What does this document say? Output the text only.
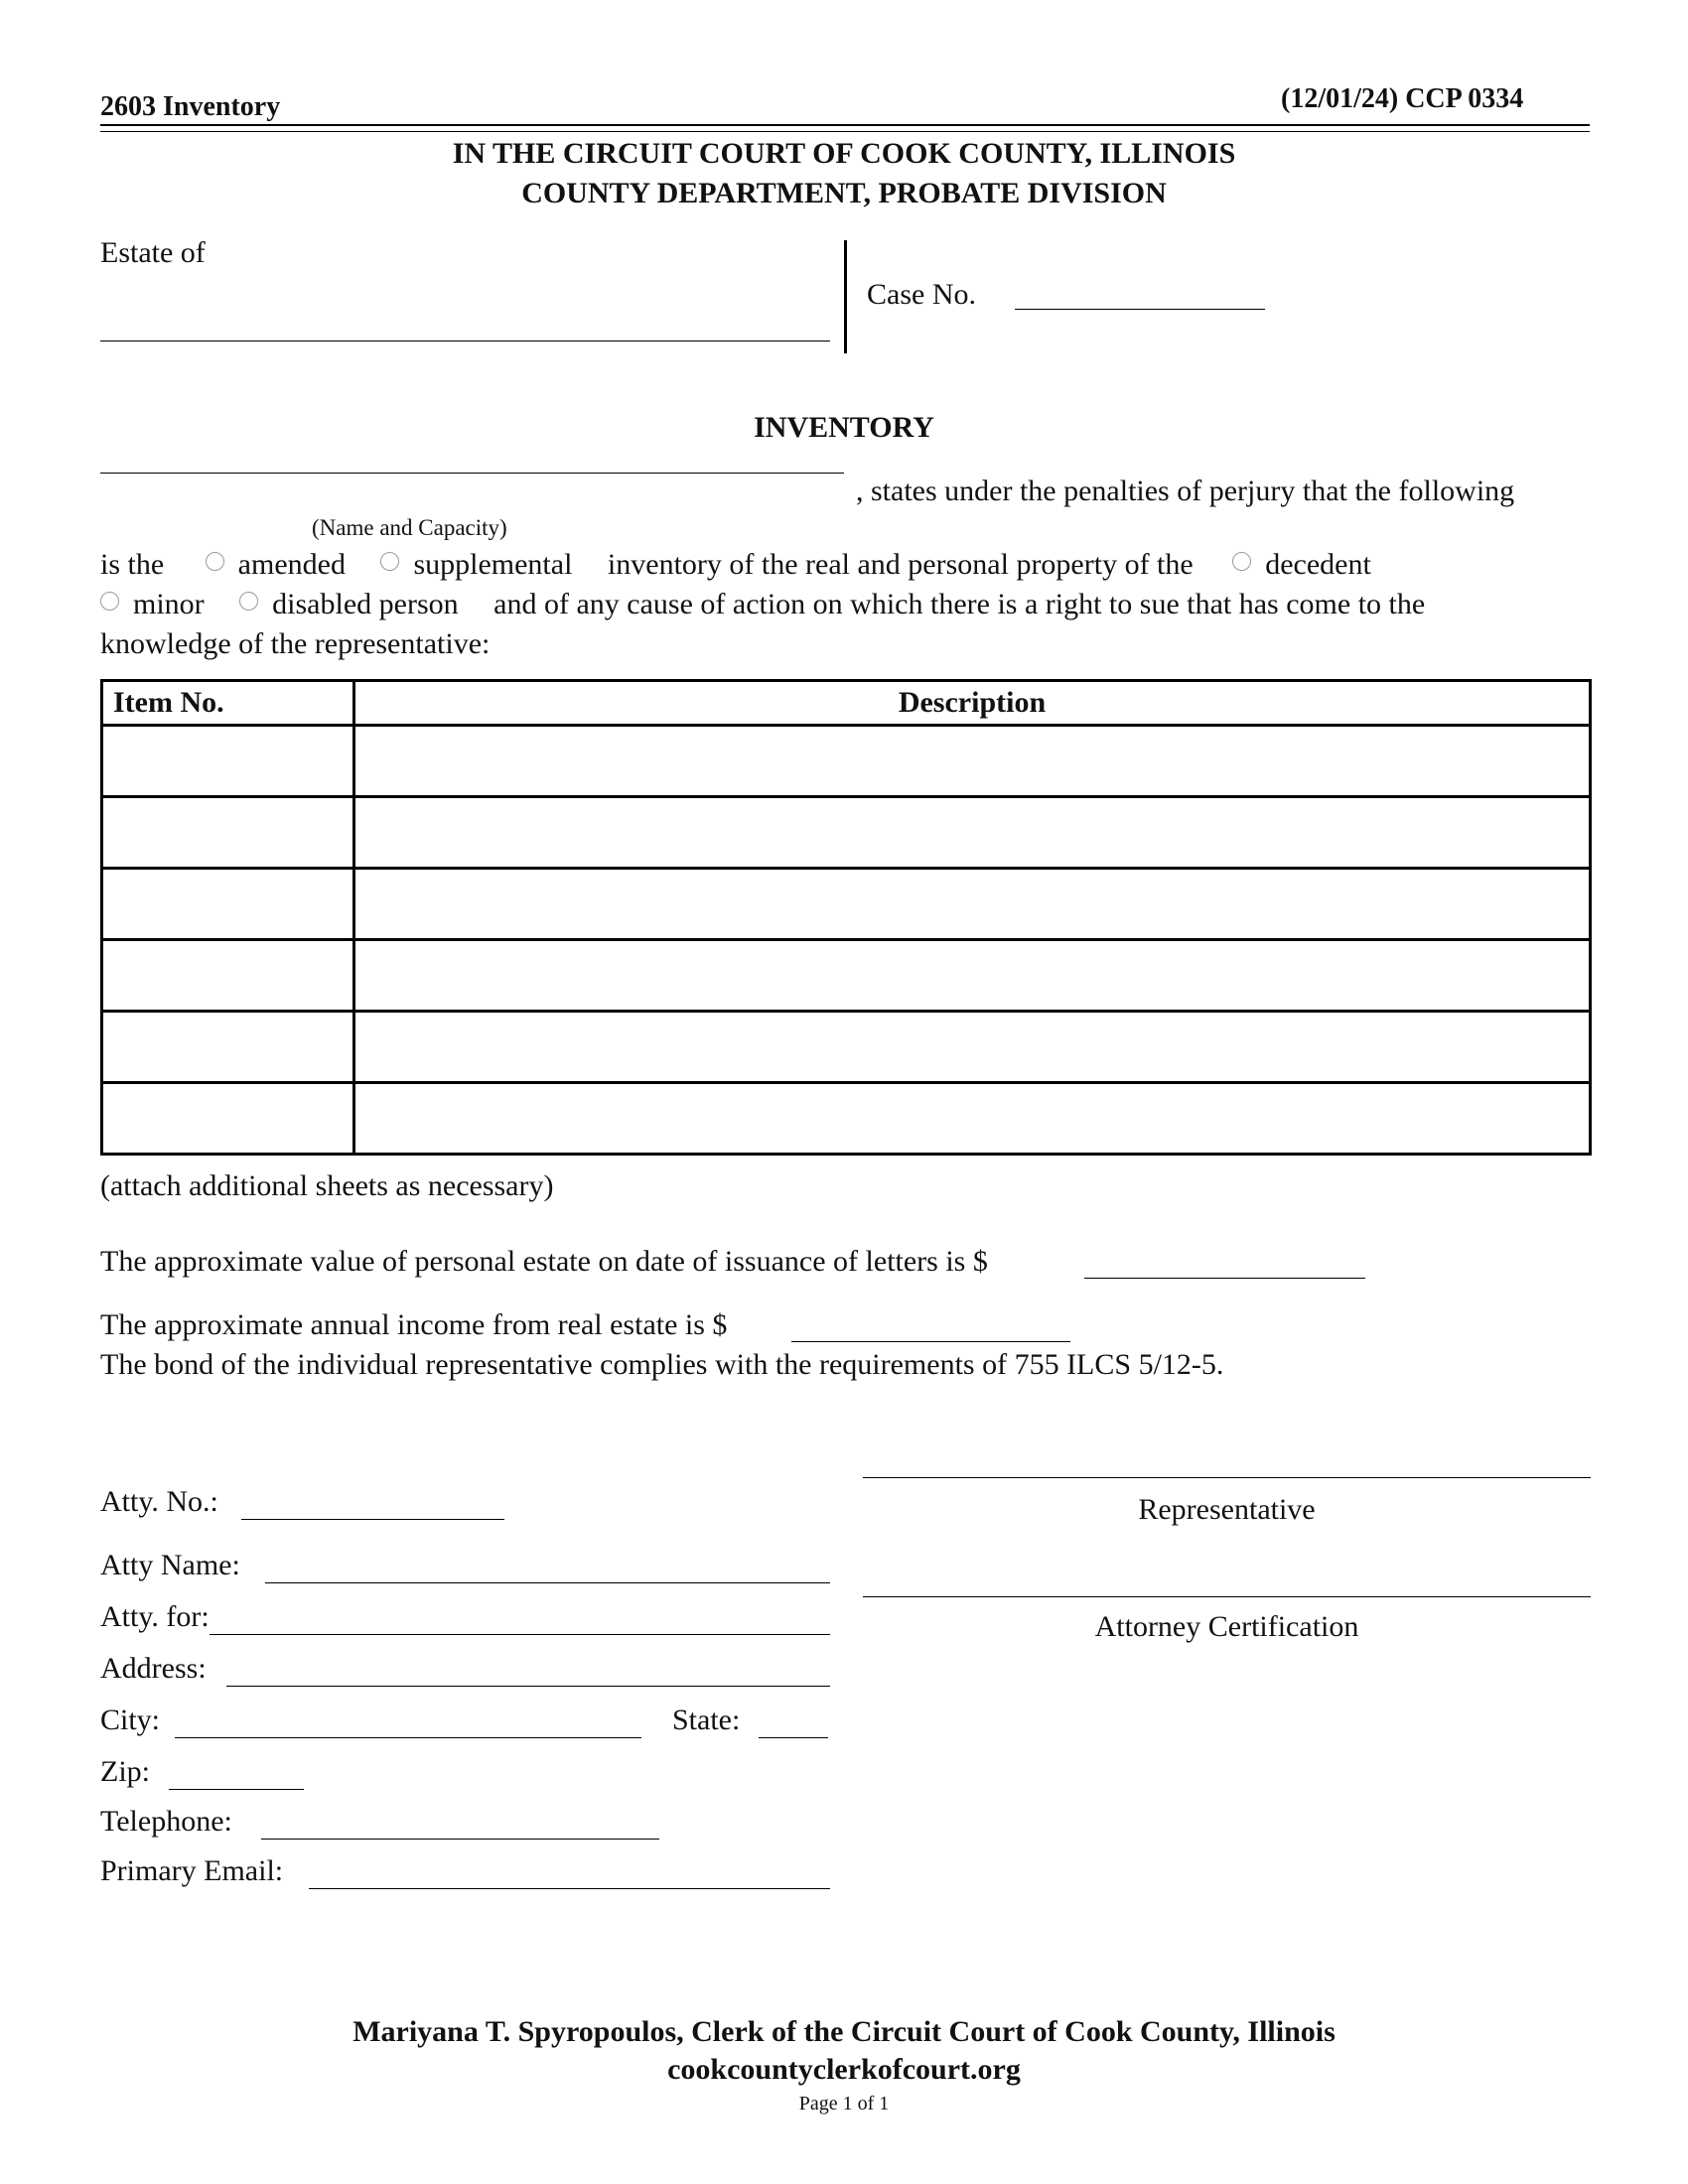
2603 Inventory	(12/01/24) CCP 0334
IN THE CIRCUIT COURT OF COOK COUNTY, ILLINOIS
COUNTY DEPARTMENT, PROBATE DIVISION
Estate of
Case No.
INVENTORY
, states under the penalties of perjury that the following
(Name and Capacity)
is the amended supplemental inventory of the real and personal property of the decedent
minor disabled person and of any cause of action on which there is a right to sue that has come to the
knowledge of the representative:
Item No.	Description

(attach additional sheets as necessary)
The approximate value of personal estate on date of issuance of letters is $
The approximate annual income from real estate is $
The bond of the individual representative complies with the requirements of 755 ILCS 5/12-5.
Atty. No.:
Atty Name:
Atty. for:
Address:
City:	State:
Zip:
Telephone:
Primary Email:
Representative
Attorney Certification
Mariyana T. Spyropoulos, Clerk of the Circuit Court of Cook County, Illinois
cookcountyclerkofcourt.org
Page 1 of 1
